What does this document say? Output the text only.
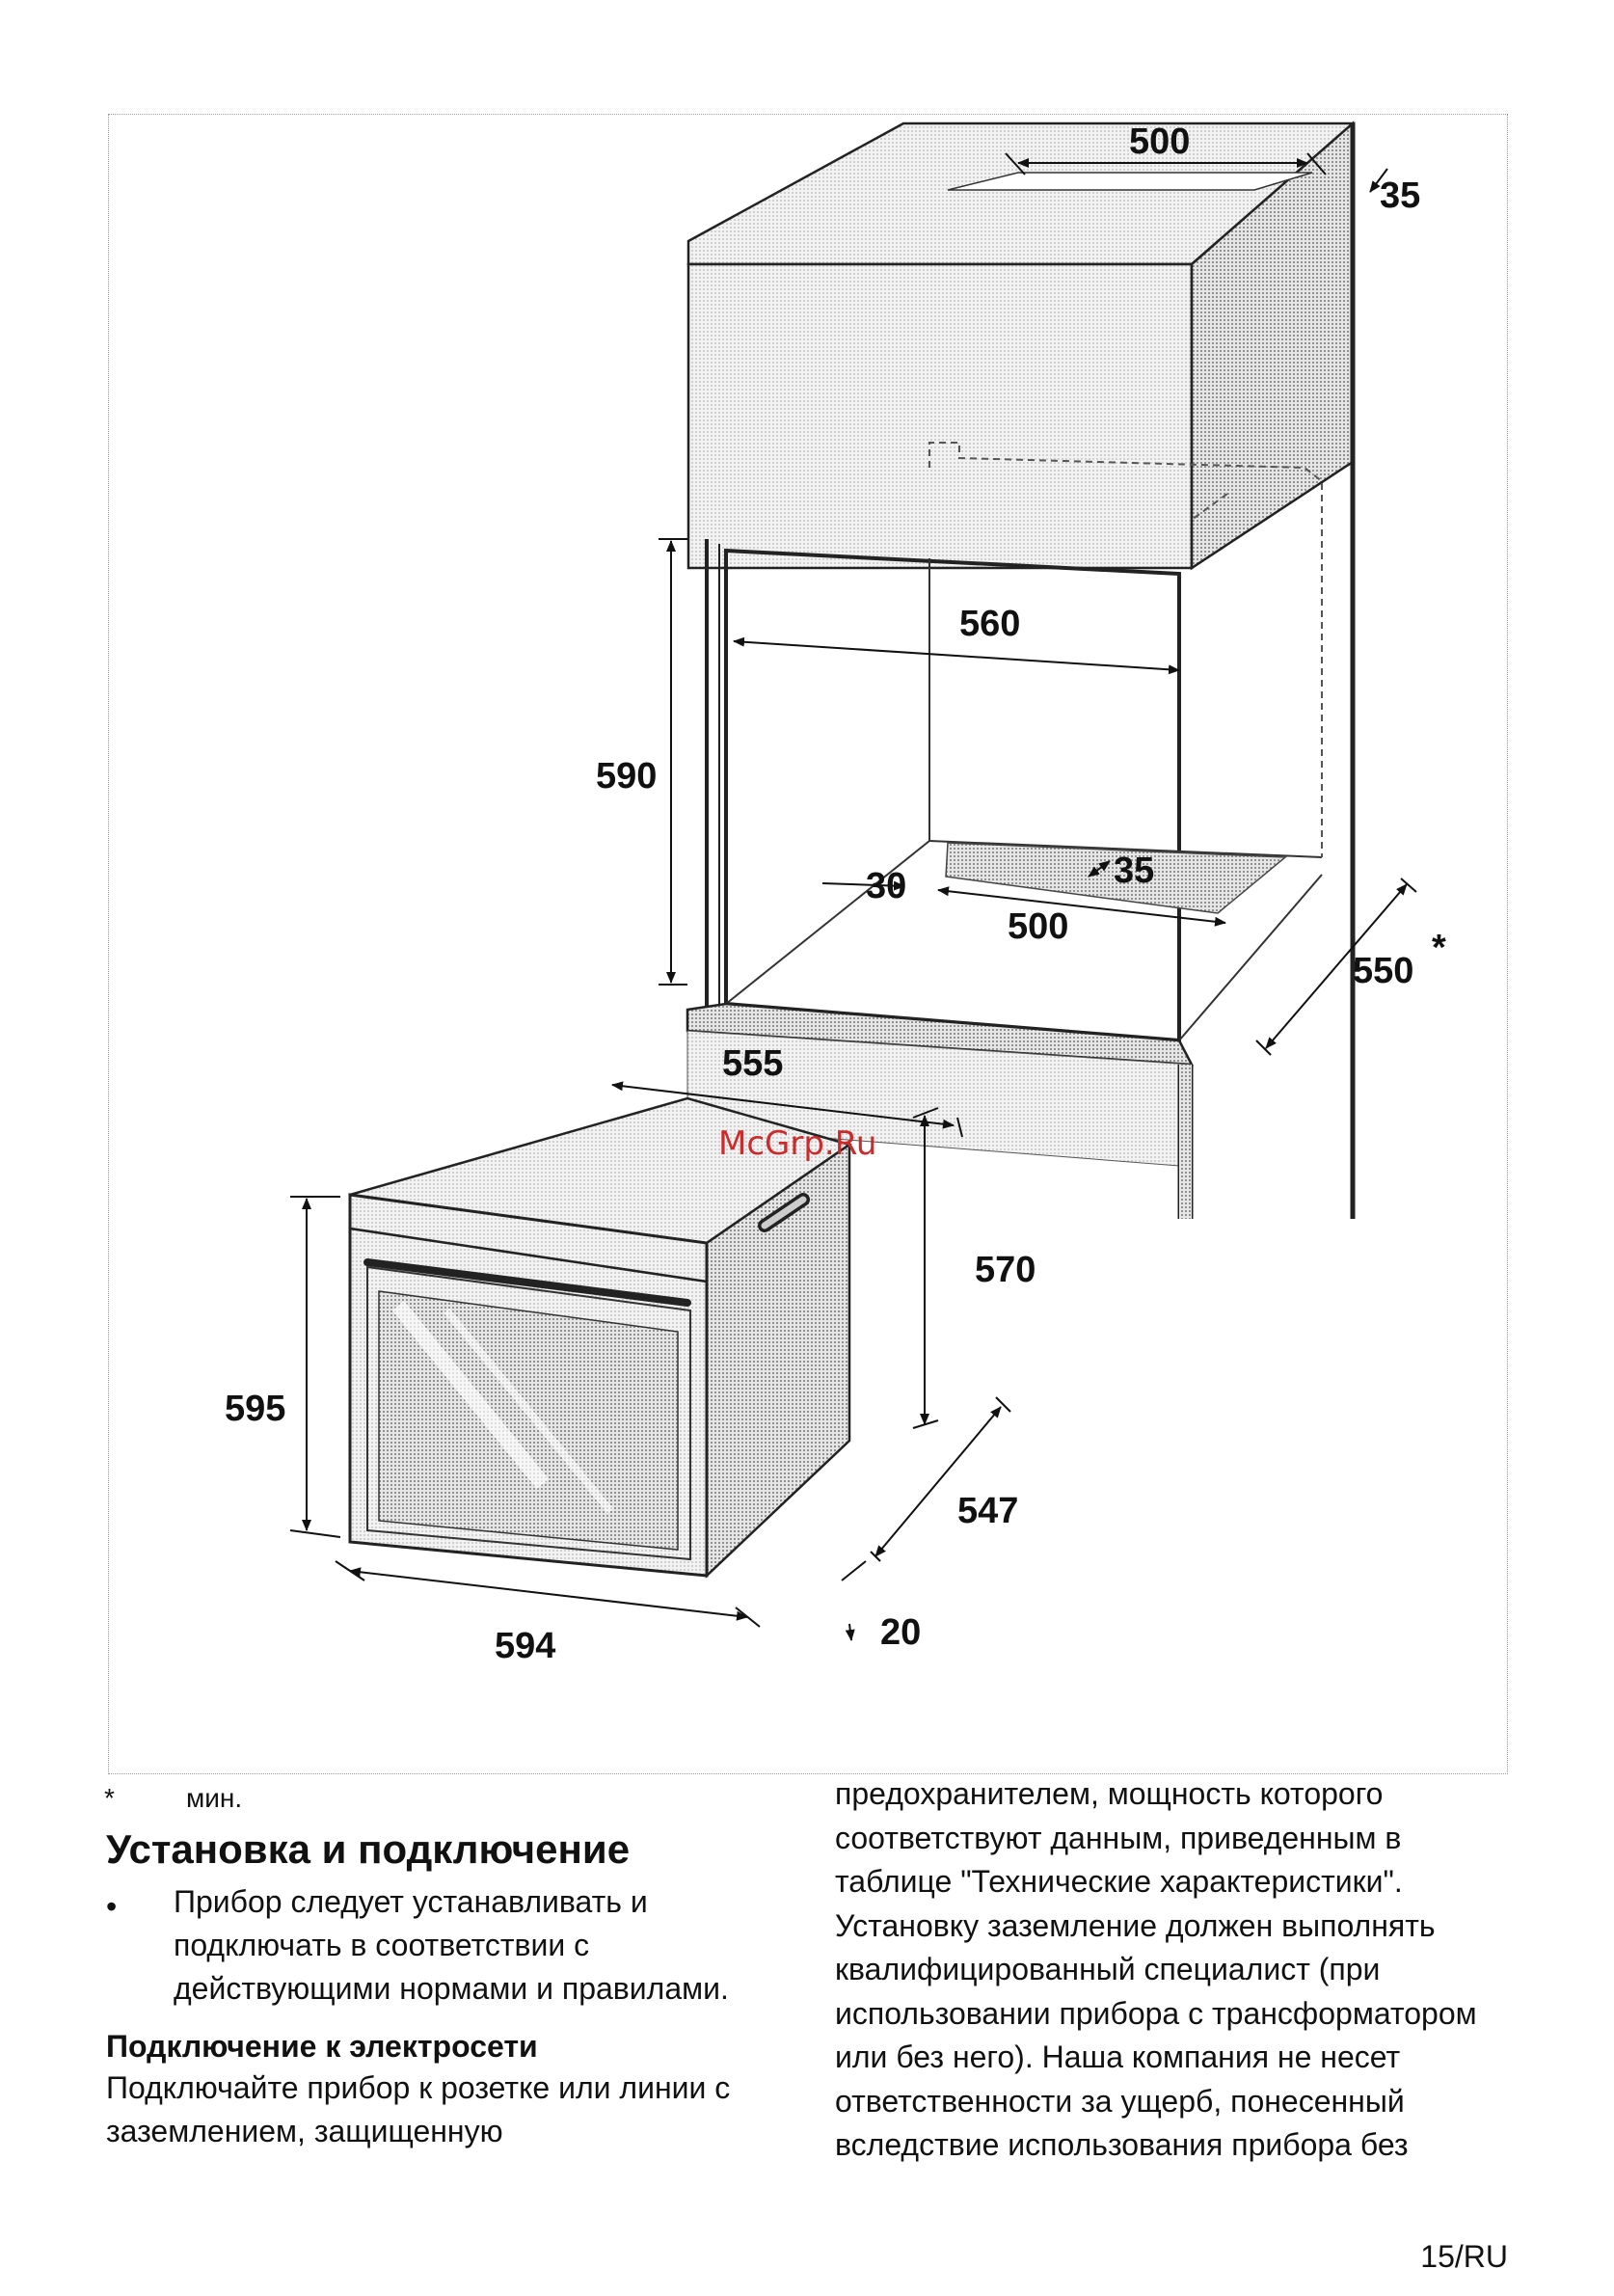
500
35
560
590
35
30
500
550
*
555
570
595
547
594	20
McGrp.Ru
*	мин.
Установка и подключение
• Прибор следует устанавливать и подключать в соответствии с действующими нормами и правилами.
Подключение к электросети
Подключайте прибор к розетке или линии с заземлением, защищенную
предохранителем, мощность которого соответствуют данным, приведенным в таблице "Технические характеристики". Установку заземление должен выполнять квалифицированный специалист (при использовании прибора с трансформатором или без него). Наша компания не несет ответственности за ущерб, понесенный вследствие использования прибора без
15/RU
